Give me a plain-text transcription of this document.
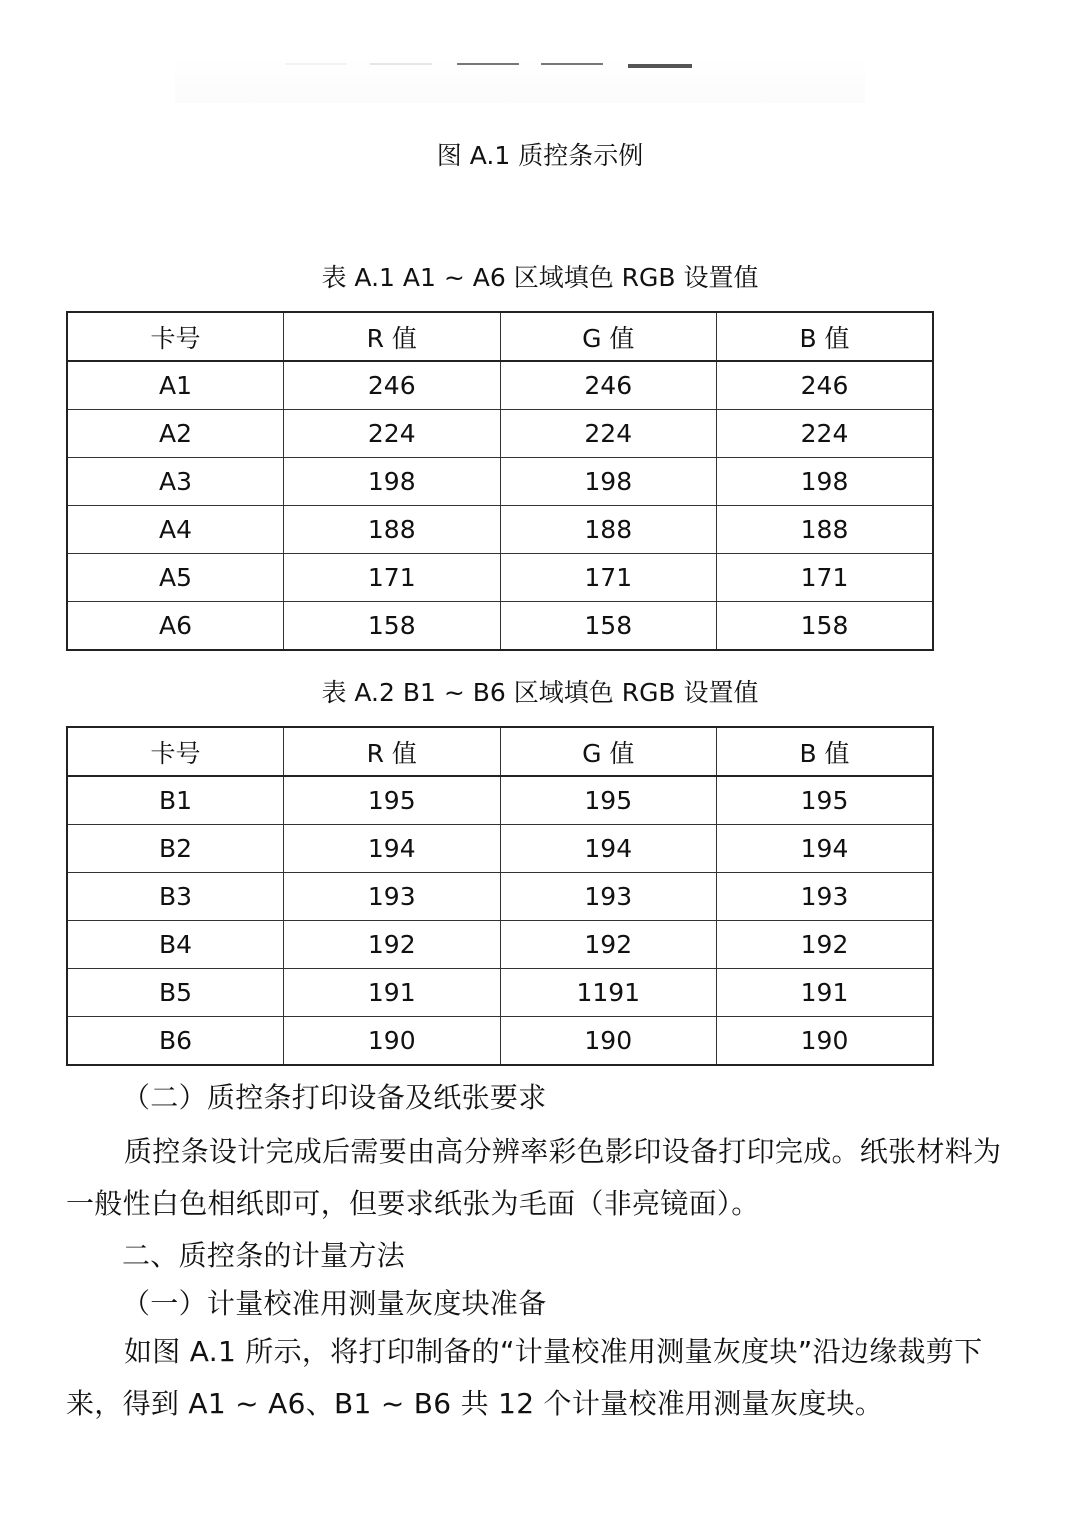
图 A.1 质控条示例
表 A.1 A1 ~ A6 区域填色 RGB 设置值
卡号	R 值	G 值	B 值
A1	246	246	246
A2	224	224	224
A3	198	198	198
A4	188	188	188
A5	171	171	171
A6	158	158	158
表 A.2 B1 ~ B6 区域填色 RGB 设置值
卡号	R 值	G 值	B 值
B1	195	195	195
B2	194	194	194
B3	193	193	193
B4	192	192	192
B5	191	1191	191
B6	190	190	190
（二）质控条打印设备及纸张要求
质控条设计完成后需要由高分辨率彩色影印设备打印完成。纸张材料为一般性白色相纸即可，但要求纸张为毛面（非亮镜面）。
二、质控条的计量方法
（一）计量校准用测量灰度块准备
如图 A.1 所示，将打印制备的“计量校准用测量灰度块”沿边缘裁剪下来，得到 A1 ~ A6、B1 ~ B6 共 12 个计量校准用测量灰度块。
